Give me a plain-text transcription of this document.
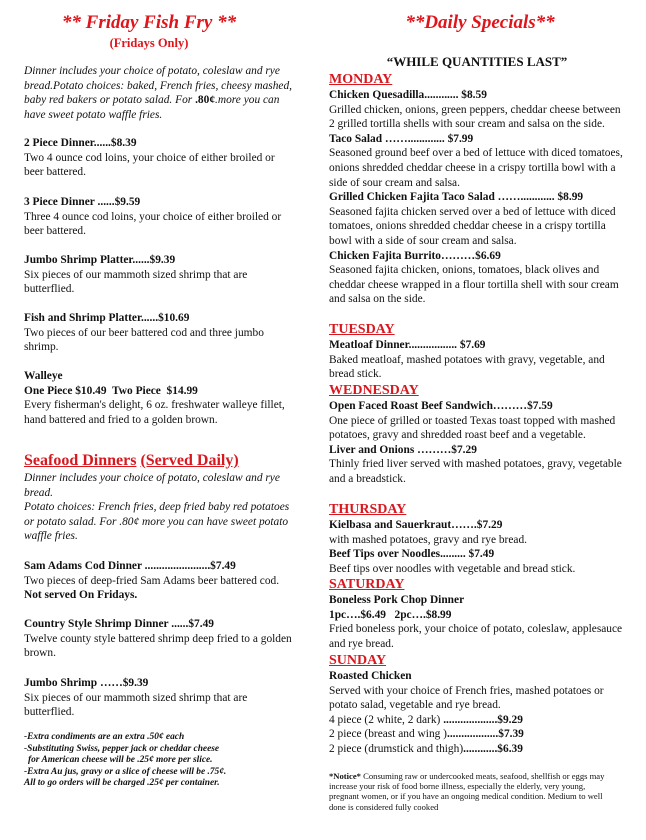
** Friday Fish Fry **
(Fridays Only)

Dinner includes your choice of potato, coleslaw and rye bread.Potato choices: baked, French fries, cheesy mashed, baby red bakers or potato salad. For .80¢.more you can have sweet potato waffle fries.

2 Piece Dinner......$8.39

Two 4 ounce cod loins, your choice of either broiled or beer battered.

3 Piece Dinner ......$9.59

Three 4 ounce cod loins, your choice of either broiled or beer battered.

Jumbo Shrimp Platter......$9.39

Six pieces of our mammoth sized shrimp that are butterflied.

Fish and Shrimp Platter......$10.69

Two pieces of our beer battered cod and three jumbo shrimp.

Walleye

One Piece $10.49  Two Piece  $14.99

Every fisherman's delight, 6 oz. freshwater walleye fillet, hand battered and fried to a golden brown.

Seafood Dinners (Served Daily)

Dinner includes your choice of potato, coleslaw and rye bread.

Potato choices: French fries, deep fried baby red potatoes or potato salad. For .80¢ more you can have sweet potato waffle fries.

Sam Adams Cod Dinner .......................$7.49

Two pieces of deep-fried Sam Adams beer battered cod. Not served On Fridays.

Country Style Shrimp Dinner ......$7.49

Twelve county style battered shrimp deep fried to a golden brown.

Jumbo Shrimp ……$9.39

Six pieces of our mammoth sized shrimp that are butterflied.

-Extra condiments are an extra .50¢ each
-Substituting Swiss, pepper jack or cheddar cheese
for American cheese will be .25¢ more per slice.
-Extra Au jus, gravy or a slice of cheese will be .75¢.
All to go orders will be charged .25¢ per container.
**Daily Specials**
“WHILE QUANTITIES LAST”
MONDAY

Chicken Quesadilla............ $8.59

Grilled chicken, onions, green peppers, cheddar cheese between 2 grilled tortilla shells with sour cream and salsa on the side.

Taco Salad ……............. $7.99

Seasoned ground beef over a bed of lettuce with diced tomatoes, onions shredded cheddar cheese in a crispy tortilla bowl with a side of sour cream and salsa.

Grilled Chicken Fajita Taco Salad ……............ $8.99

Seasoned fajita chicken served over a bed of lettuce with diced tomatoes, onions shredded cheddar cheese in a crispy tortilla bowl with a side of sour cream and salsa.

Chicken Fajita Burrito………$6.69

Seasoned fajita chicken, onions, tomatoes, black olives and cheddar cheese wrapped in a flour tortilla shell with sour cream and salsa on the side.

TUESDAY

Meatloaf Dinner................. $7.69

Baked meatloaf, mashed potatoes with gravy, vegetable, and bread stick.

WEDNESDAY

Open Faced Roast Beef Sandwich………$7.59

One piece of grilled or toasted Texas toast topped with mashed potatoes, gravy and shredded roast beef and a vegetable.

Liver and Onions ………$7.29

Thinly fried liver served with mashed potatoes, gravy, vegetable and a breadstick.

THURSDAY

Kielbasa and Sauerkraut…….$7.29

with mashed potatoes, gravy and rye bread.

Beef Tips over Noodles......... $7.49

Beef tips over noodles with vegetable and bread stick.

SATURDAY

Boneless Pork Chop Dinner

1pc….$6.49   2pc….$8.99

Fried boneless pork, your choice of potato, coleslaw, applesauce and rye bread.

SUNDAY

Roasted Chicken

Served with your choice of French fries, mashed potatoes or potato salad, vegetable and rye bread.

4 piece (2 white, 2 dark) ...................$9.29

2 piece (breast and wing )..................$7.39

2 piece (drumstick and thigh)............$6.39

*Notice* Consuming raw or undercooked meats, seafood, shellfish or eggs may increase your risk of food borne illness, especially the elderly, very young, pregnant women, or if you have an ongoing medical condition. Medium to well done is considered fully cooked
